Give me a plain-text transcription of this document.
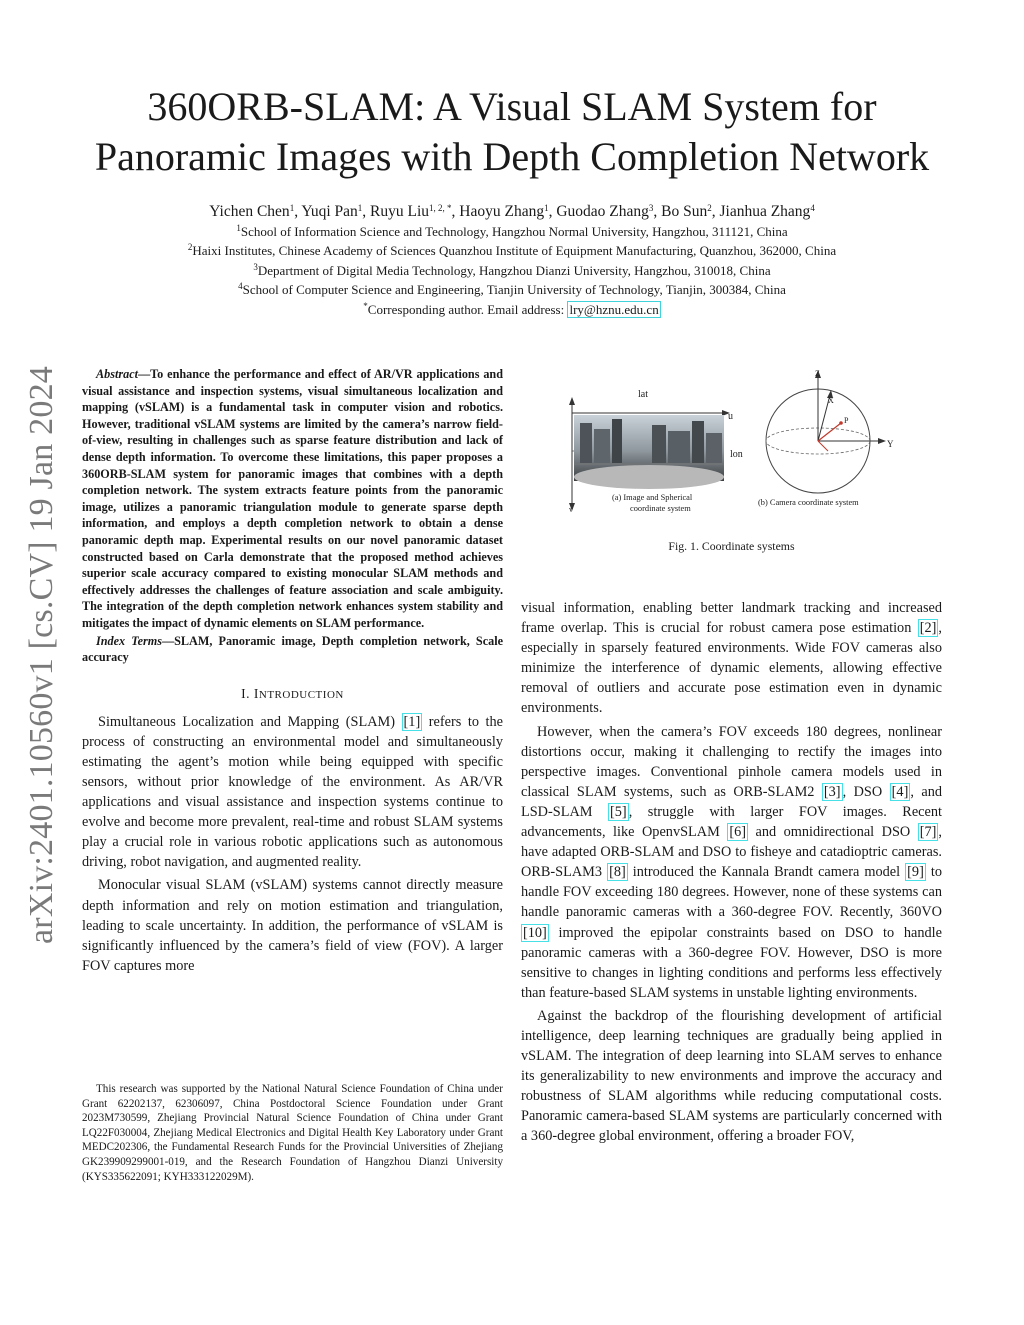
arXiv:2401.10560v1 [cs.CV] 19 Jan 2024
360ORB-SLAM: A Visual SLAM System for
Panoramic Images with Depth Completion Network
Yichen Chen$^1$, Yuqi Pan$^1$, Ruyu Liu$^{1, 2, *}$, Haoyu Zhang$^1$, Guodao Zhang$^3$, Bo Sun$^2$, Jianhua Zhang$^4$
$^1$School of Information Science and Technology, Hangzhou Normal University, Hangzhou, 311121, China
$^2$Haixi Institutes, Chinese Academy of Sciences Quanzhou Institute of Equipment Manufacturing, Quanzhou, 362000, China
$^3$Department of Digital Media Technology, Hangzhou Dianzi University, Hangzhou, 310018, China
$^4$School of Computer Science and Engineering, Tianjin University of Technology, Tianjin, 300384, China
*Corresponding author. Email address: lry@hznu.edu.cn

Abstract—To enhance the performance and effect of AR/VR applications and visual assistance and inspection systems, visual simultaneous localization and mapping (vSLAM) is a fundamental task in computer vision and robotics. However, traditional vSLAM systems are limited by the camera’s narrow field-of-view, resulting in challenges such as sparse feature distribution and lack of dense depth information. To overcome these limitations, this paper proposes a 360ORB-SLAM system for panoramic images that combines with a depth completion network. The system extracts feature points from the panoramic image, utilizes a panoramic triangulation module to generate sparse depth information, and employs a depth completion network to obtain a dense panoramic depth map. Experimental results on our novel panoramic dataset constructed based on Carla demonstrate that the proposed method achieves superior scale accuracy compared to existing monocular SLAM methods and effectively addresses the challenges of feature association and scale ambiguity. The integration of the depth completion network enhances system stability and mitigates the impact of dynamic elements on SLAM performance.

Index Terms—SLAM, Panoramic image, Depth completion network, Scale accuracy

I. INTRODUCTION

Simultaneous Localization and Mapping (SLAM) [1] refers to the process of constructing an environmental model and simultaneously estimating the agent’s motion while being equipped with specific sensors, without prior knowledge of the environment. As AR/VR applications and visual assistance and inspection systems continue to evolve and become more prevalent, real-time and robust SLAM systems play a crucial role in various robotic applications such as autonomous driving, robot navigation, and augmented reality.

Monocular visual SLAM (vSLAM) systems cannot directly measure depth information and rely on motion estimation and triangulation, leading to scale uncertainty. In addition, the performance of vSLAM is significantly influenced by the camera’s field of view (FOV). A larger FOV captures more

This research was supported by the National Natural Science Foundation of China under Grant 62202137, 62306097, China Postdoctoral Science Foundation under Grant 2023M730599, Zhejiang Provincial Natural Science Foundation of China under Grant LQ22F030004, Zhejiang Medical Electronics and Digital Health Key Laboratory under Grant MEDC202306, the Fundamental Research Funds for the Provincial Universities of Zhejiang GK239909299001-019, and the Research Foundation of Hangzhou Dianzi University (KYS335622091; KYH333122029M).
lat
u
lon
v
(a) Image and Spherical
coordinate system
Z
X
Y
P
(b) Camera coordinate system
Fig. 1. Coordinate systems

visual information, enabling better landmark tracking and increased frame overlap. This is crucial for robust camera pose estimation [2] , especially in sparsely featured environments. Wide FOV cameras also minimize the interference of dynamic elements, allowing effective removal of outliers and accurate pose estimation even in dynamic environments.

However, when the camera’s FOV exceeds 180 degrees, nonlinear distortions occur, making it challenging to rectify the images into perspective images. Conventional pinhole camera models used in classical SLAM systems, such as ORB-SLAM2 [3] , DSO [4] , and LSD-SLAM [5] , struggle with larger FOV images. Recent advancements, like OpenvSLAM [6] and omnidirectional DSO [7] , have adapted ORB-SLAM and DSO to fisheye and catadioptric cameras. ORB-SLAM3 [8] introduced the Kannala Brandt camera model [9] to handle FOV exceeding 180 degrees. However, none of these systems can handle panoramic cameras with a 360-degree FOV. Recently, 360VO [10] improved the epipolar constraints based on DSO to handle panoramic cameras with a 360-degree FOV. However, DSO is more sensitive to changes in lighting conditions and performs less effectively than feature-based SLAM systems in unstable lighting environments.

Against the backdrop of the flourishing development of artificial intelligence, deep learning techniques are gradually being applied in vSLAM. The integration of deep learning into SLAM serves to enhance its generalizability to new environments and improve the accuracy and robustness of SLAM algorithms while reducing computational costs. Panoramic camera-based SLAM systems are particularly concerned with a 360-degree global environment, offering a broader FOV,
